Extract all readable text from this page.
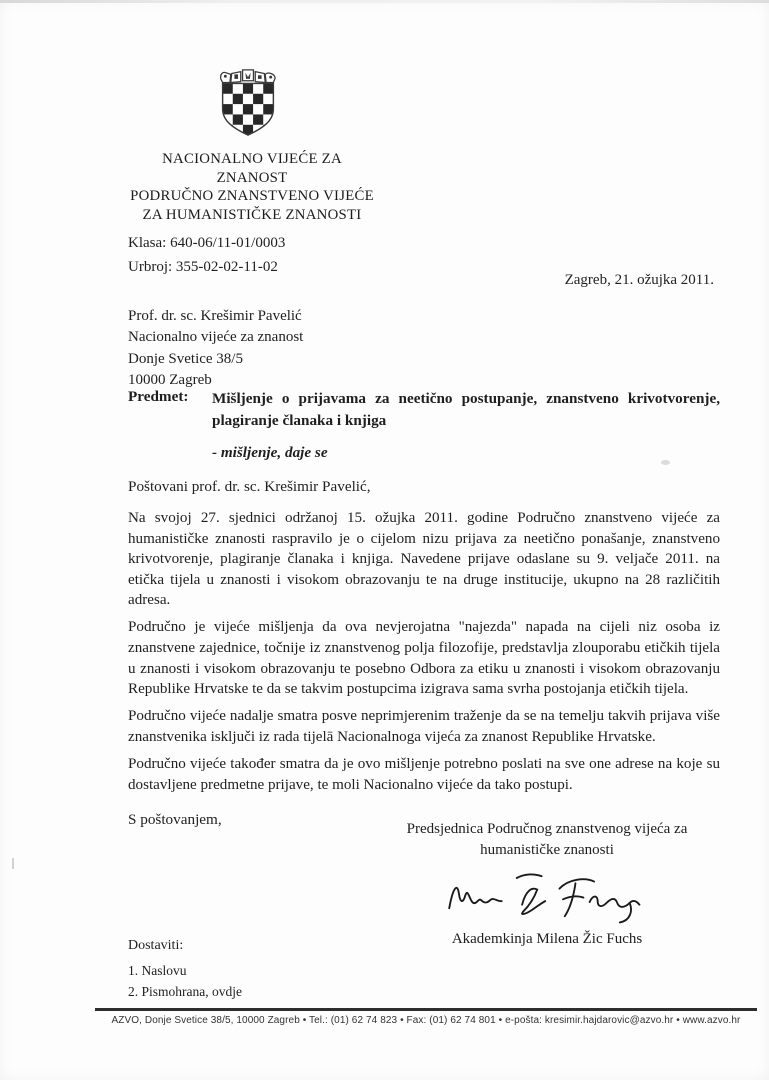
NACIONALNO VIJEĆE ZA
ZNANOST
PODRUČNO ZNANSTVENO VIJEĆE
ZA HUMANISTIČKE ZNANOSTI
Klasa: 640-06/11-01/0003
Urbroj: 355-02-02-11-02
Zagreb, 21. ožujka 2011.
Prof. dr. sc. Krešimir Pavelić
Nacionalno vijeće za znanost
Donje Svetice 38/5
10000 Zagreb
Predmet:	Mišljenje o prijavama za neetično postupanje, znanstveno krivotvorenje, plagiranje članaka i knjiga
- mišljenje, daje se
Poštovani prof. dr. sc. Krešimir Pavelić,

Na svojoj 27. sjednici održanoj 15. ožujka 2011. godine Područno znanstveno vijeće za humanističke znanosti raspravilo je o cijelom nizu prijava za neetično ponašanje, znanstveno krivotvorenje, plagiranje članaka i knjiga. Navedene prijave odaslane su 9. veljače 2011. na etička tijela u znanosti i visokom obrazovanju te na druge institucije, ukupno na 28 različitih adresa.

Područno je vijeće mišljenja da ova nevjerojatna "najezda" napada na cijeli niz osoba iz znanstvene zajednice, točnije iz znanstvenog polja filozofije, predstavlja zlouporabu etičkih tijela u znanosti i visokom obrazovanju te posebno Odbora za etiku u znanosti i visokom obrazovanju Republike Hrvatske te da se takvim postupcima izigrava sama svrha postojanja etičkih tijela.

Područno vijeće nadalje smatra posve neprimjerenim traženje da se na temelju takvih prijava više znanstvenika isključi iz rada tijelā Nacionalnoga vijeća za znanost Republike Hrvatske.

Područno vijeće također smatra da je ovo mišljenje potrebno poslati na sve one adrese na koje su dostavljene predmetne prijave, te moli Nacionalno vijeće da tako postupi.

S poštovanjem,
Predsjednica Područnog znanstvenog vijeća za
humanističke znanosti
Akademkinja Milena Žic Fuchs
Dostaviti:
1. Naslovu
2. Pismohrana, ovdje
AZVO, Donje Svetice 38/5, 10000 Zagreb • Tel.: (01) 62 74 823 • Fax: (01) 62 74 801 • e-pošta: kresimir.hajdarovic@azvo.hr • www.azvo.hr
